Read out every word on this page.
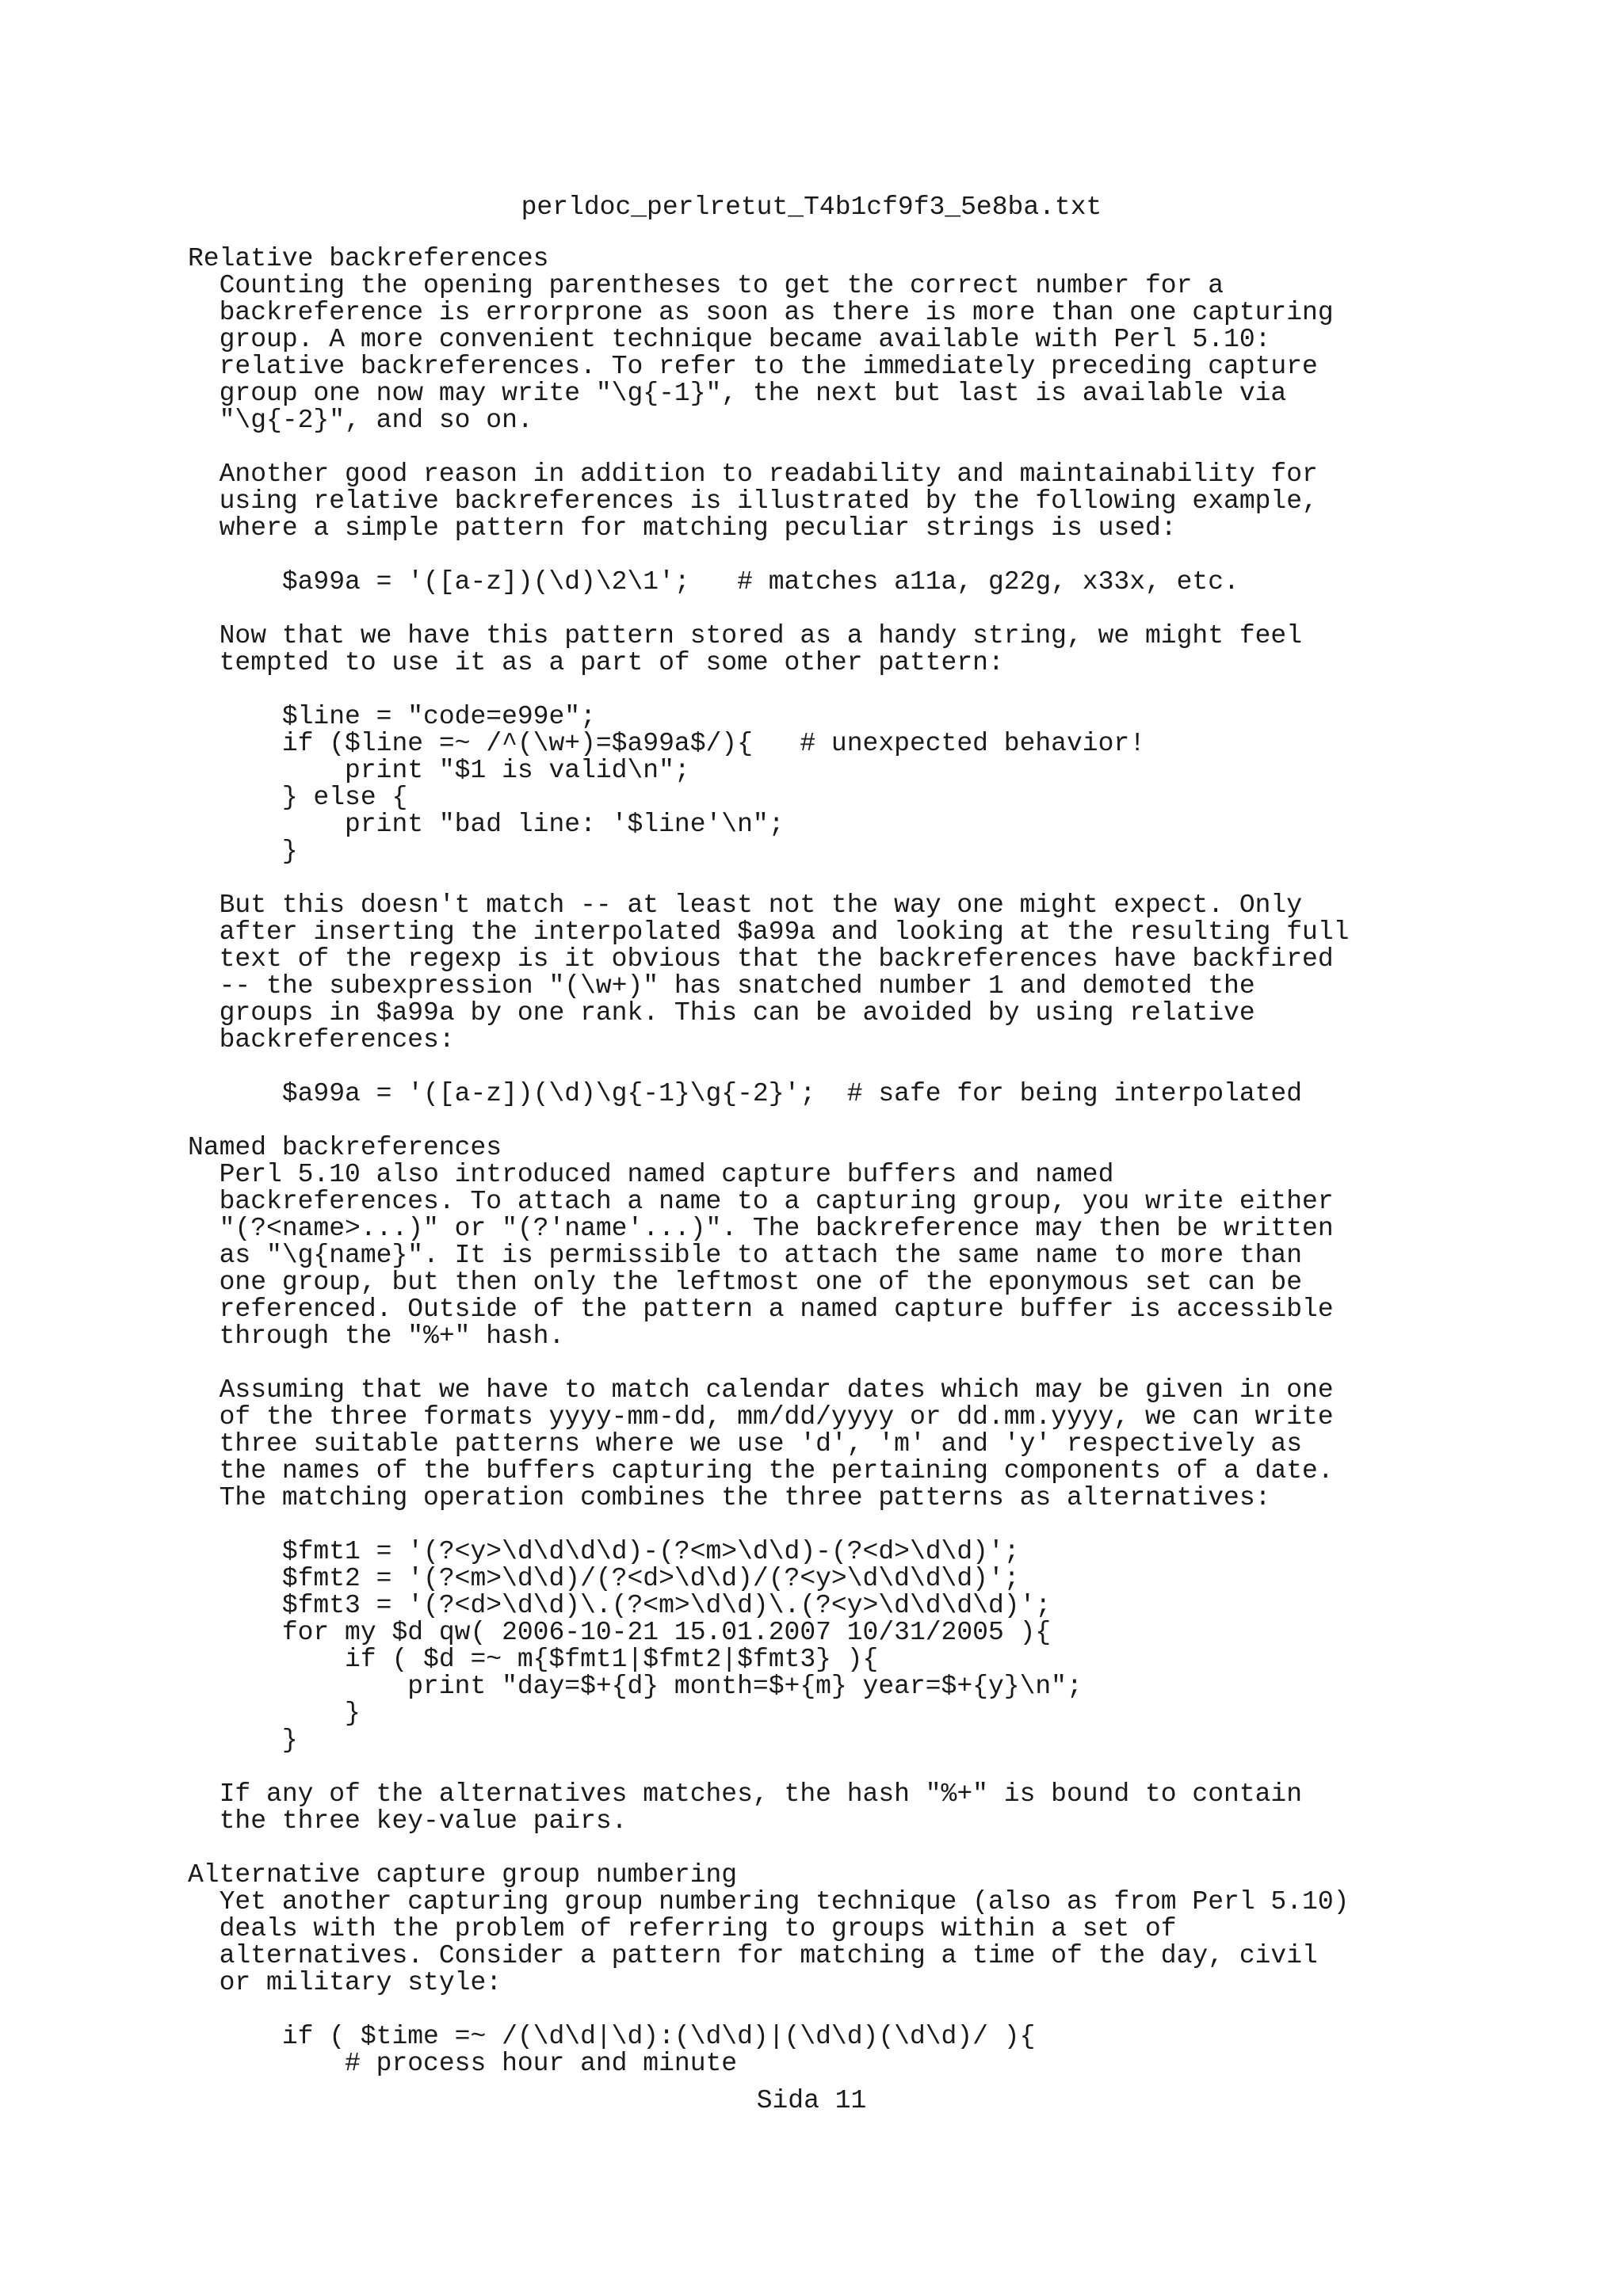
perldoc_perlretut_T4b1cf9f3_5e8ba.txt
Relative backreferences
Counting the opening parentheses to get the correct number for a
backreference is errorprone as soon as there is more than one capturing
group. A more convenient technique became available with Perl 5.10:
relative backreferences. To refer to the immediately preceding capture
group one now may write "\g{-1}", the next but last is available via
"\g{-2}", and so on.
Another good reason in addition to readability and maintainability for
using relative backreferences is illustrated by the following example,
where a simple pattern for matching peculiar strings is used:
$a99a = '([a-z])(\d)\2\1';   # matches a11a, g22g, x33x, etc.
Now that we have this pattern stored as a handy string, we might feel
tempted to use it as a part of some other pattern:
$line = "code=e99e";
if ($line =~ /^(\w+)=$a99a$/){   # unexpected behavior!
print "$1 is valid\n";
} else {
print "bad line: '$line'\n";
}
But this doesn't match -- at least not the way one might expect. Only
after inserting the interpolated $a99a and looking at the resulting full
text of the regexp is it obvious that the backreferences have backfired
-- the subexpression "(\w+)" has snatched number 1 and demoted the
groups in $a99a by one rank. This can be avoided by using relative
backreferences:
$a99a = '([a-z])(\d)\g{-1}\g{-2}';  # safe for being interpolated
Named backreferences
Perl 5.10 also introduced named capture buffers and named
backreferences. To attach a name to a capturing group, you write either
"(?<name>...)" or "(?'name'...)". The backreference may then be written
as "\g{name}". It is permissible to attach the same name to more than
one group, but then only the leftmost one of the eponymous set can be
referenced. Outside of the pattern a named capture buffer is accessible
through the "%+" hash.
Assuming that we have to match calendar dates which may be given in one
of the three formats yyyy-mm-dd, mm/dd/yyyy or dd.mm.yyyy, we can write
three suitable patterns where we use 'd', 'm' and 'y' respectively as
the names of the buffers capturing the pertaining components of a date.
The matching operation combines the three patterns as alternatives:
$fmt1 = '(?<y>\d\d\d\d)-(?<m>\d\d)-(?<d>\d\d)';
$fmt2 = '(?<m>\d\d)/(?<d>\d\d)/(?<y>\d\d\d\d)';
$fmt3 = '(?<d>\d\d)\.(?<m>\d\d)\.(?<y>\d\d\d\d)';
for my $d qw( 2006-10-21 15.01.2007 10/31/2005 ){
if ( $d =~ m{$fmt1|$fmt2|$fmt3} ){
print "day=$+{d} month=$+{m} year=$+{y}\n";
}
}
If any of the alternatives matches, the hash "%+" is bound to contain
the three key-value pairs.
Alternative capture group numbering
Yet another capturing group numbering technique (also as from Perl 5.10)
deals with the problem of referring to groups within a set of
alternatives. Consider a pattern for matching a time of the day, civil
or military style:
if ( $time =~ /(\d\d|\d):(\d\d)|(\d\d)(\d\d)/ ){
# process hour and minute
Sida 11
